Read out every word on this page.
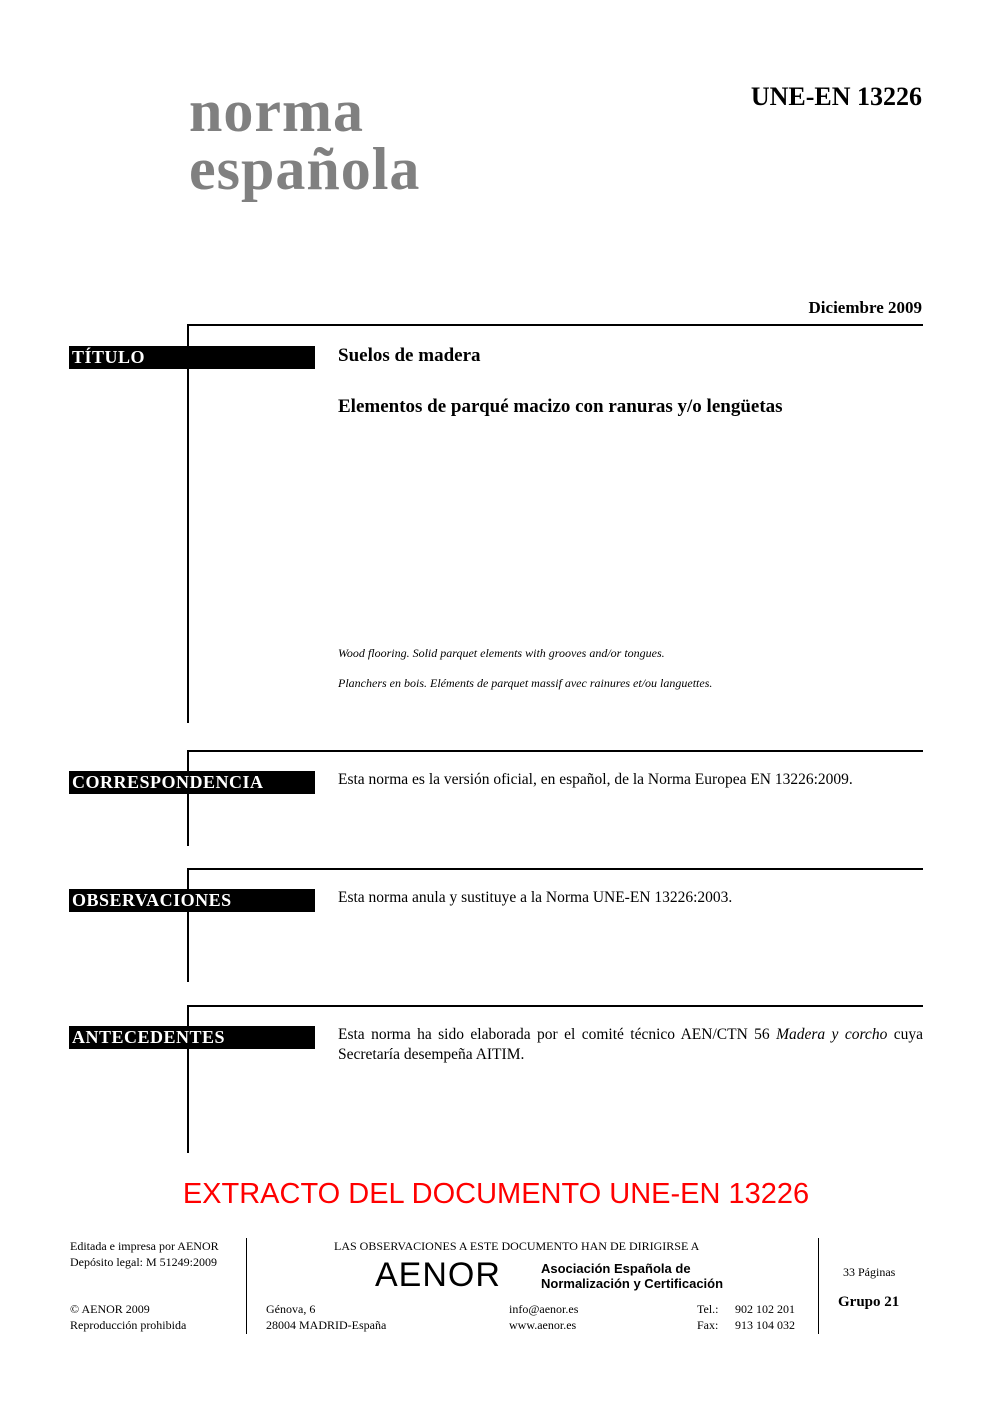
norma
española
UNE-EN 13226
Diciembre 2009
TÍTULO	Suelos de madera
Elementos de parqué macizo con ranuras y/o lengüetas
Wood flooring. Solid parquet elements with grooves and/or tongues.
Planchers en bois. Eléments de parquet massif avec rainures et/ou languettes.
CORRESPONDENCIA	Esta norma es la versión oficial, en español, de la Norma Europea EN 13226:2009.
OBSERVACIONES	Esta norma anula y sustituye a la Norma UNE-EN 13226:2003.
ANTECEDENTES	Esta norma ha sido elaborada por el comité técnico AEN/CTN 56 Madera y corcho cuya Secretaría desempeña AITIM.
EXTRACTO DEL DOCUMENTO UNE-EN 13226
Editada e impresa por AENOR
Depósito legal: M 51249:2009
© AENOR 2009
Reproducción prohibida
LAS OBSERVACIONES A ESTE DOCUMENTO HAN DE DIRIGIRSE A
AENOR	Asociación Española de
Normalización y Certificación
Génova, 6
28004 MADRID-España
info@aenor.es
www.aenor.es
Tel.: 902 102 201
Fax: 913 104 032
33 Páginas
Grupo 21
